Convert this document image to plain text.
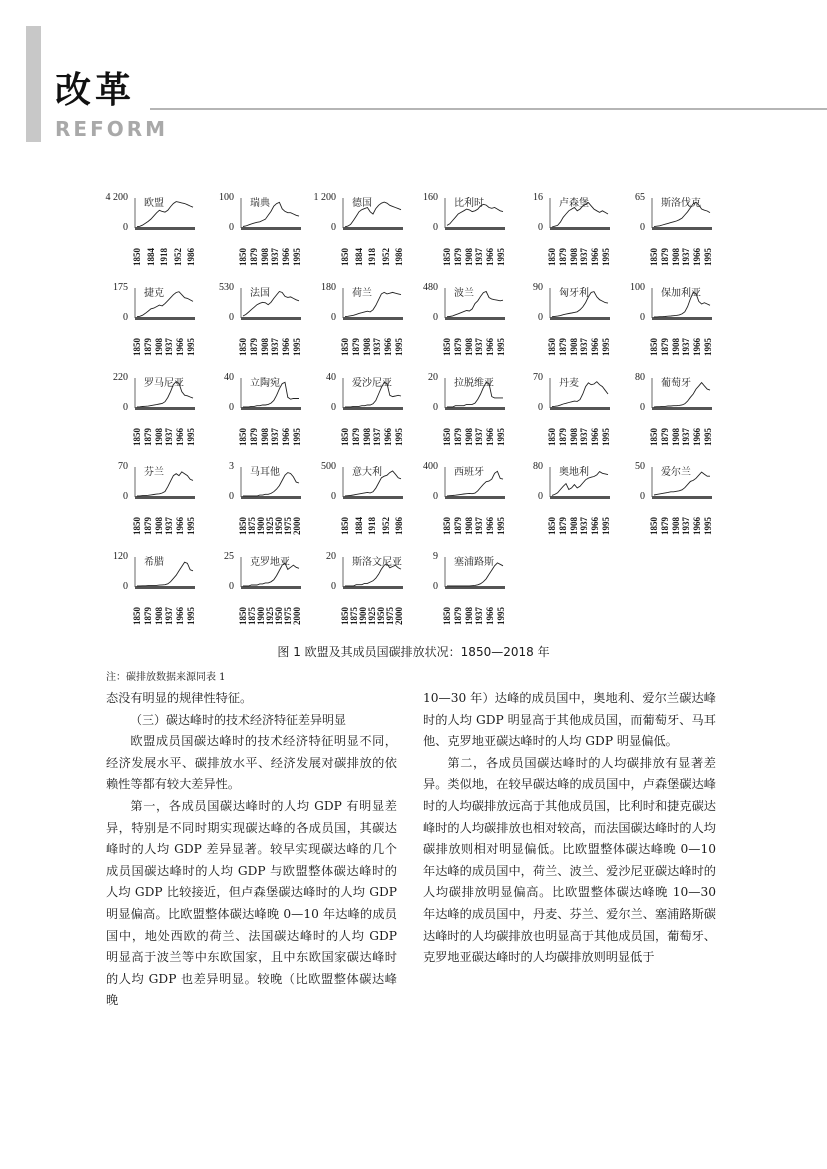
改革
REFORM
4 200
0
欧盟
1850 1884 1918 1952 1986
100
0
瑞典
1850 1879 1908 1937 1966 1995
1 200
0
德国
1850 1884 1918 1952 1986
160
0
比利时
1850 1879 1908 1937 1966 1995
16
0
卢森堡
1850 1879 1908 1937 1966 1995
65
0
斯洛伐克
1850 1879 1908 1937 1966 1995
175
0
捷克
1850 1879 1908 1937 1966 1995
530
0
法国
1850 1879 1908 1937 1966 1995
180
0
荷兰
1850 1879 1908 1937 1966 1995
480
0
波兰
1850 1879 1908 1937 1966 1995
90
0
匈牙利
1850 1879 1908 1937 1966 1995
100
0
保加利亚
1850 1879 1908 1937 1966 1995
220
0
罗马尼亚
1850 1879 1908 1937 1966 1995
40
0
立陶宛
1850 1879 1908 1937 1966 1995
40
0
爱沙尼亚
1850 1879 1908 1937 1966 1995
20
0
拉脱维亚
1850 1879 1908 1937 1966 1995
70
0
丹麦
1850 1879 1908 1937 1966 1995
80
0
葡萄牙
1850 1879 1908 1937 1966 1995
70
0
芬兰
1850 1879 1908 1937 1966 1995
3
0
马耳他
1850 1875 1900 1925 1950 1975 2000
500
0
意大利
1850 1884 1918 1952 1986
400
0
西班牙
1850 1879 1908 1937 1966 1995
80
0
奥地利
1850 1879 1908 1937 1966 1995
50
0
爱尔兰
1850 1879 1908 1937 1966 1995
120
0
希腊
1850 1879 1908 1937 1966 1995
25
0
克罗地亚
1850 1875 1900 1925 1950 1975 2000
20
0
斯洛文尼亚
1850 1875 1900 1925 1950 1975 2000
9
0
塞浦路斯
1850 1879 1908 1937 1966 1995
图 1 欧盟及其成员国碳排放状况：1850—2018 年
注：碳排放数据来源同表 1

态没有明显的规律性特征。

（三）碳达峰时的技术经济特征差异明显

欧盟成员国碳达峰时的技术经济特征明显不同，经济发展水平、碳排放水平、经济发展对碳排放的依赖性等都有较大差异性。

第一，各成员国碳达峰时的人均 GDP 有明显差异，特别是不同时期实现碳达峰的各成员国，其碳达峰时的人均 GDP 差异显著。较早实现碳达峰的几个成员国碳达峰时的人均 GDP 与欧盟整体碳达峰时的人均 GDP 比较接近，但卢森堡碳达峰时的人均 GDP 明显偏高。比欧盟整体碳达峰晚 0—10 年达峰的成员国中，地处西欧的荷兰、法国碳达峰时的人均 GDP 明显高于波兰等中东欧国家，且中东欧国家碳达峰时的人均 GDP 也差异明显。较晚（比欧盟整体碳达峰晚

10—30 年）达峰的成员国中，奥地利、爱尔兰碳达峰时的人均 GDP 明显高于其他成员国，而葡萄牙、马耳他、克罗地亚碳达峰时的人均 GDP 明显偏低。

第二，各成员国碳达峰时的人均碳排放有显著差异。类似地，在较早碳达峰的成员国中，卢森堡碳达峰时的人均碳排放远高于其他成员国，比利时和捷克碳达峰时的人均碳排放也相对较高，而法国碳达峰时的人均碳排放则相对明显偏低。比欧盟整体碳达峰晚 0—10 年达峰的成员国中，荷兰、波兰、爱沙尼亚碳达峰时的人均碳排放明显偏高。比欧盟整体碳达峰晚 10—30 年达峰的成员国中，丹麦、芬兰、爱尔兰、塞浦路斯碳达峰时的人均碳排放也明显高于其他成员国，葡萄牙、克罗地亚碳达峰时的人均碳排放则明显低于
